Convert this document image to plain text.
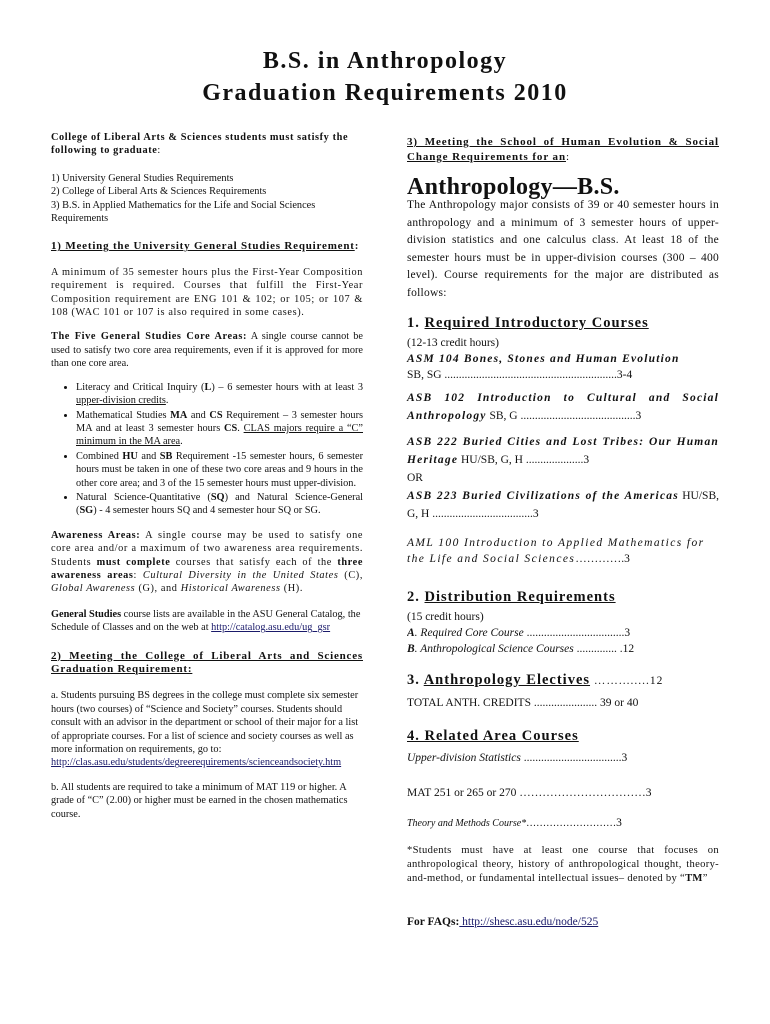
B.S. in Anthropology
Graduation Requirements 2010

College of Liberal Arts & Sciences students must satisfy the following to graduate:

1) University General Studies Requirements

2) College of Liberal Arts & Sciences Requirements

3) B.S. in Applied Mathematics for the Life and Social Sciences Requirements

1) Meeting the University General Studies Requirement:

A minimum of 35 semester hours plus the First-Year Composition requirement is required. Courses that fulfill the First-Year Composition requirement are ENG 101 & 102; or 105; or 107 & 108 (WAC 101 or 107 is also required in some cases).

The Five General Studies Core Areas: A single course cannot be used to satisfy two core area requirements, even if it is approved for more than one core area.

• Literacy and Critical Inquiry (L) – 6 semester hours with at least 3 upper-division credits.
• Mathematical Studies MA and CS Requirement – 3 semester hours MA and at least 3 semester hours CS. CLAS majors require a “C” minimum in the MA area.
• Combined HU and SB Requirement -15 semester hours, 6 semester hours must be taken in one of these two core areas and 9 hours in the other core area; and 3 of the 15 semester hours must upper-division.
• Natural Science-Quantitative (SQ) and Natural Science-General (SG) - 4 semester hours SQ and 4 semester hour SQ or SG.

Awareness Areas: A single course may be used to satisfy one core area and/or a maximum of two awareness area requirements. Students must complete courses that satisfy each of the three awareness areas: Cultural Diversity in the United States (C), Global Awareness (G), and Historical Awareness (H).

General Studies course lists are available in the ASU General Catalog, the Schedule of Classes and on the web at http://catalog.asu.edu/ug_gsr

2) Meeting the College of Liberal Arts and Sciences Graduation Requirement:

a. Students pursuing BS degrees in the college must complete six semester hours (two courses) of “Science and Society” courses. Students should consult with an advisor in the department or school of their major for a list of appropriate courses. For a list of science and society courses as well as more information on requirements, go to:
http://clas.asu.edu/students/degreerequirements/scienceandsociety.htm

b. All students are required to take a minimum of MAT 119 or higher. A grade of “C” (2.00) or higher must be earned in the chosen mathematics course.

3) Meeting the School of Human Evolution & Social Change Requirements for an:

Anthropology—B.S.

The Anthropology major consists of 39 or 40 semester hours in anthropology and a minimum of 3 semester hours of upper-division statistics and one calculus class. At least 18 of the semester hours must be in upper-division courses (300 – 400 level). Course requirements for the major are distributed as follows:

1. Required Introductory Courses

(12-13 credit hours)

ASM 104 Bones, Stones and Human Evolution

SB, SG ............................................................3-4

ASB 102 Introduction to Cultural and Social Anthropology SB, G ........................................3

ASB 222 Buried Cities and Lost Tribes: Our Human Heritage HU/SB, G, H ....................3

OR

ASB 223 Buried Civilizations of the Americas HU/SB, G, H ...................................3

AML 100 Introduction to Applied Mathematics for the Life and Social Sciences………….3

2. Distribution Requirements

(15 credit hours)

A. Required Core Course ..................................3

B. Anthropological Science Courses .............. .12

3. Anthropology Electives ……........12

TOTAL ANTH. CREDITS ...................... 39 or 40

4. Related Area Courses

Upper-division Statistics ..................................3

MAT 251 or 265 or 270 ……………………………3

Theory and Methods Course*………………………3

*Students must have at least one course that focuses on anthropological theory, history of anthropological thought, theory-and-method, or fundamental intellectual issues– denoted by “TM”

For FAQs: http://shesc.asu.edu/node/525
